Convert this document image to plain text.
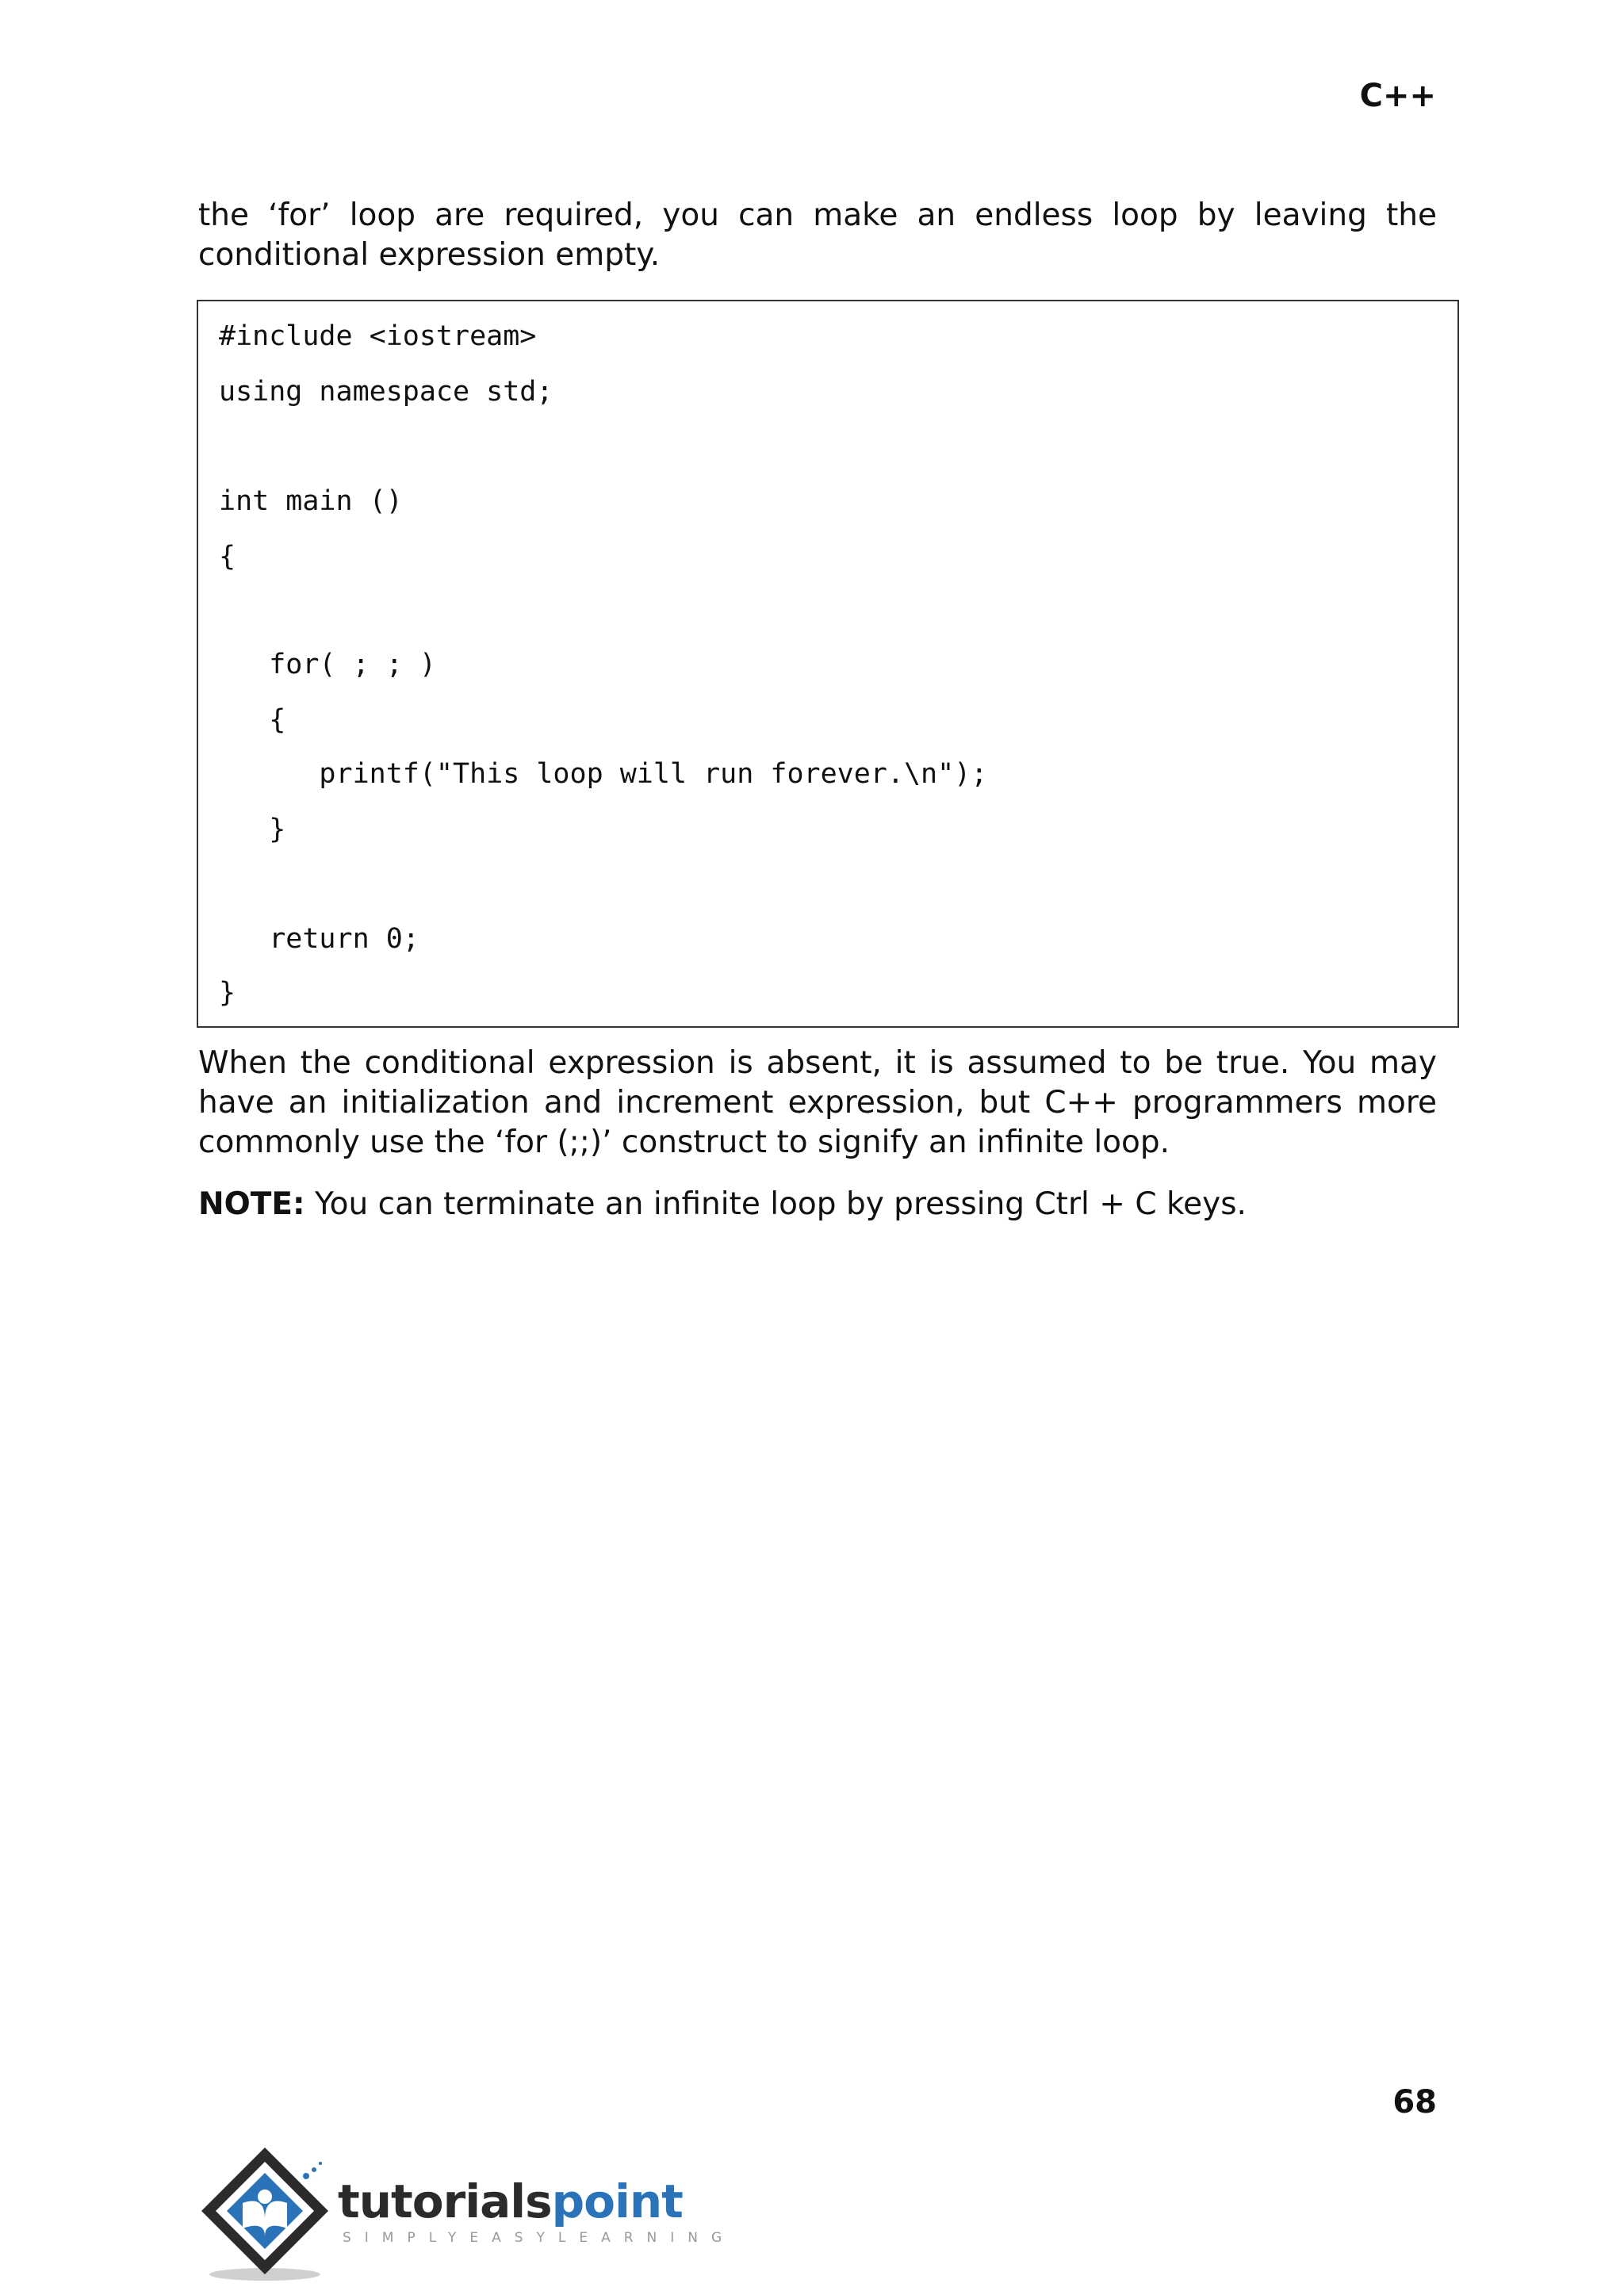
C++
the ‘for’ loop are required, you can make an endless loop by leaving the conditional expression empty.
#include <iostream>
using namespace std;
int main ()
{
for( ; ; )
{
printf("This loop will run forever.\n");
}
return 0;
}
When the conditional expression is absent, it is assumed to be true. You may have an initialization and increment expression, but C++ programmers more commonly use the ‘for (;;)’ construct to signify an infinite loop.
NOTE: You can terminate an infinite loop by pressing Ctrl + C keys.
68
tutorialspoint
SIMPLYEASYLEARNING
